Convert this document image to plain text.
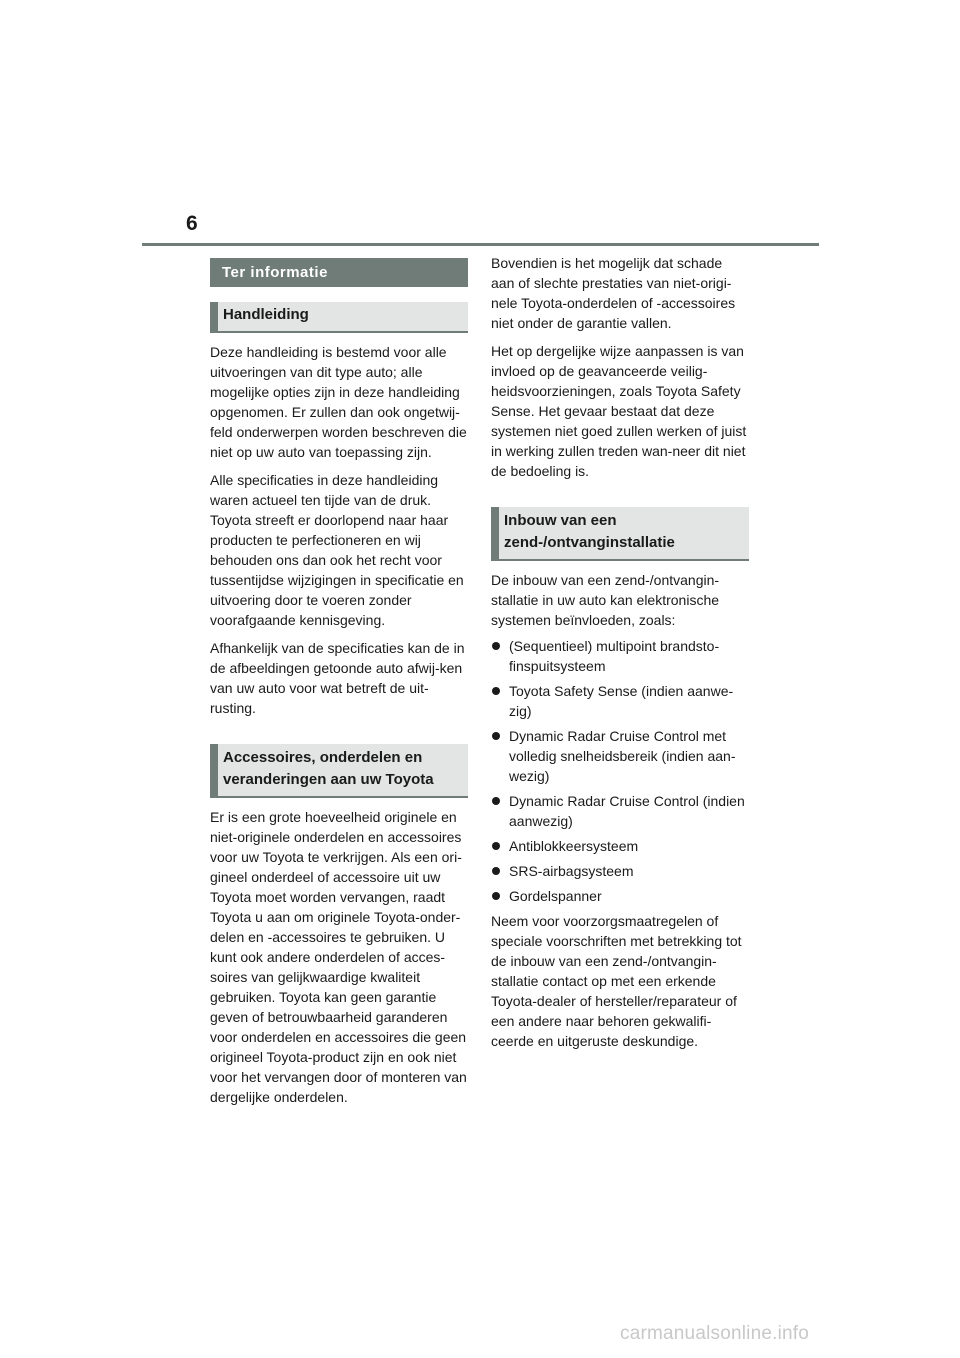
6
Ter informatie
Handleiding

Deze handleiding is bestemd voor alle uitvoeringen van dit type auto; alle mogelijke opties zijn in deze handleiding opgenomen. Er zullen dan ook ongetwij-feld onderwerpen worden beschreven die niet op uw auto van toepassing zijn.

Alle specificaties in deze handleiding waren actueel ten tijde van de druk. Toyota streeft er doorlopend naar haar producten te perfectioneren en wij behouden ons dan ook het recht voor tussentijdse wijzigingen in specificatie en uitvoering door te voeren zonder voorafgaande kennisgeving.

Afhankelijk van de specificaties kan de in de afbeeldingen getoonde auto afwij-ken van uw auto voor wat betreft de uit-rusting.

Accessoires, onderdelen en
veranderingen aan uw Toyota

Er is een grote hoeveelheid originele en niet-originele onderdelen en accessoires voor uw Toyota te verkrijgen. Als een ori-gineel onderdeel of accessoire uit uw Toyota moet worden vervangen, raadt Toyota u aan om originele Toyota-onder-delen en -accessoires te gebruiken. U kunt ook andere onderdelen of acces-soires van gelijkwaardige kwaliteit gebruiken. Toyota kan geen garantie geven of betrouwbaarheid garanderen voor onderdelen en accessoires die geen origineel Toyota-product zijn en ook niet voor het vervangen door of monteren van dergelijke onderdelen.

Bovendien is het mogelijk dat schade aan of slechte prestaties van niet-origi-nele Toyota-onderdelen of -accessoires niet onder de garantie vallen.

Het op dergelijke wijze aanpassen is van invloed op de geavanceerde veilig-heidsvoorzieningen, zoals Toyota Safety Sense. Het gevaar bestaat dat deze systemen niet goed zullen werken of juist in werking zullen treden wan-neer dit niet de bedoeling is.

Inbouw van een
zend-/ontvanginstallatie

De inbouw van een zend-/ontvangin-stallatie in uw auto kan elektronische systemen beïnvloeden, zoals:

(Sequentieel) multipoint brandsto-finspuitsysteem
Toyota Safety Sense (indien aanwe-zig)
Dynamic Radar Cruise Control met volledig snelheidsbereik (indien aan-wezig)
Dynamic Radar Cruise Control (indien aanwezig)
Antiblokkeersysteem
SRS-airbagsysteem
Gordelspanner

Neem voor voorzorgsmaatregelen of speciale voorschriften met betrekking tot de inbouw van een zend-/ontvangin-stallatie contact op met een erkende Toyota-dealer of hersteller/reparateur of een andere naar behoren gekwalifi-ceerde en uitgeruste deskundige.

carmanualsonline.info
